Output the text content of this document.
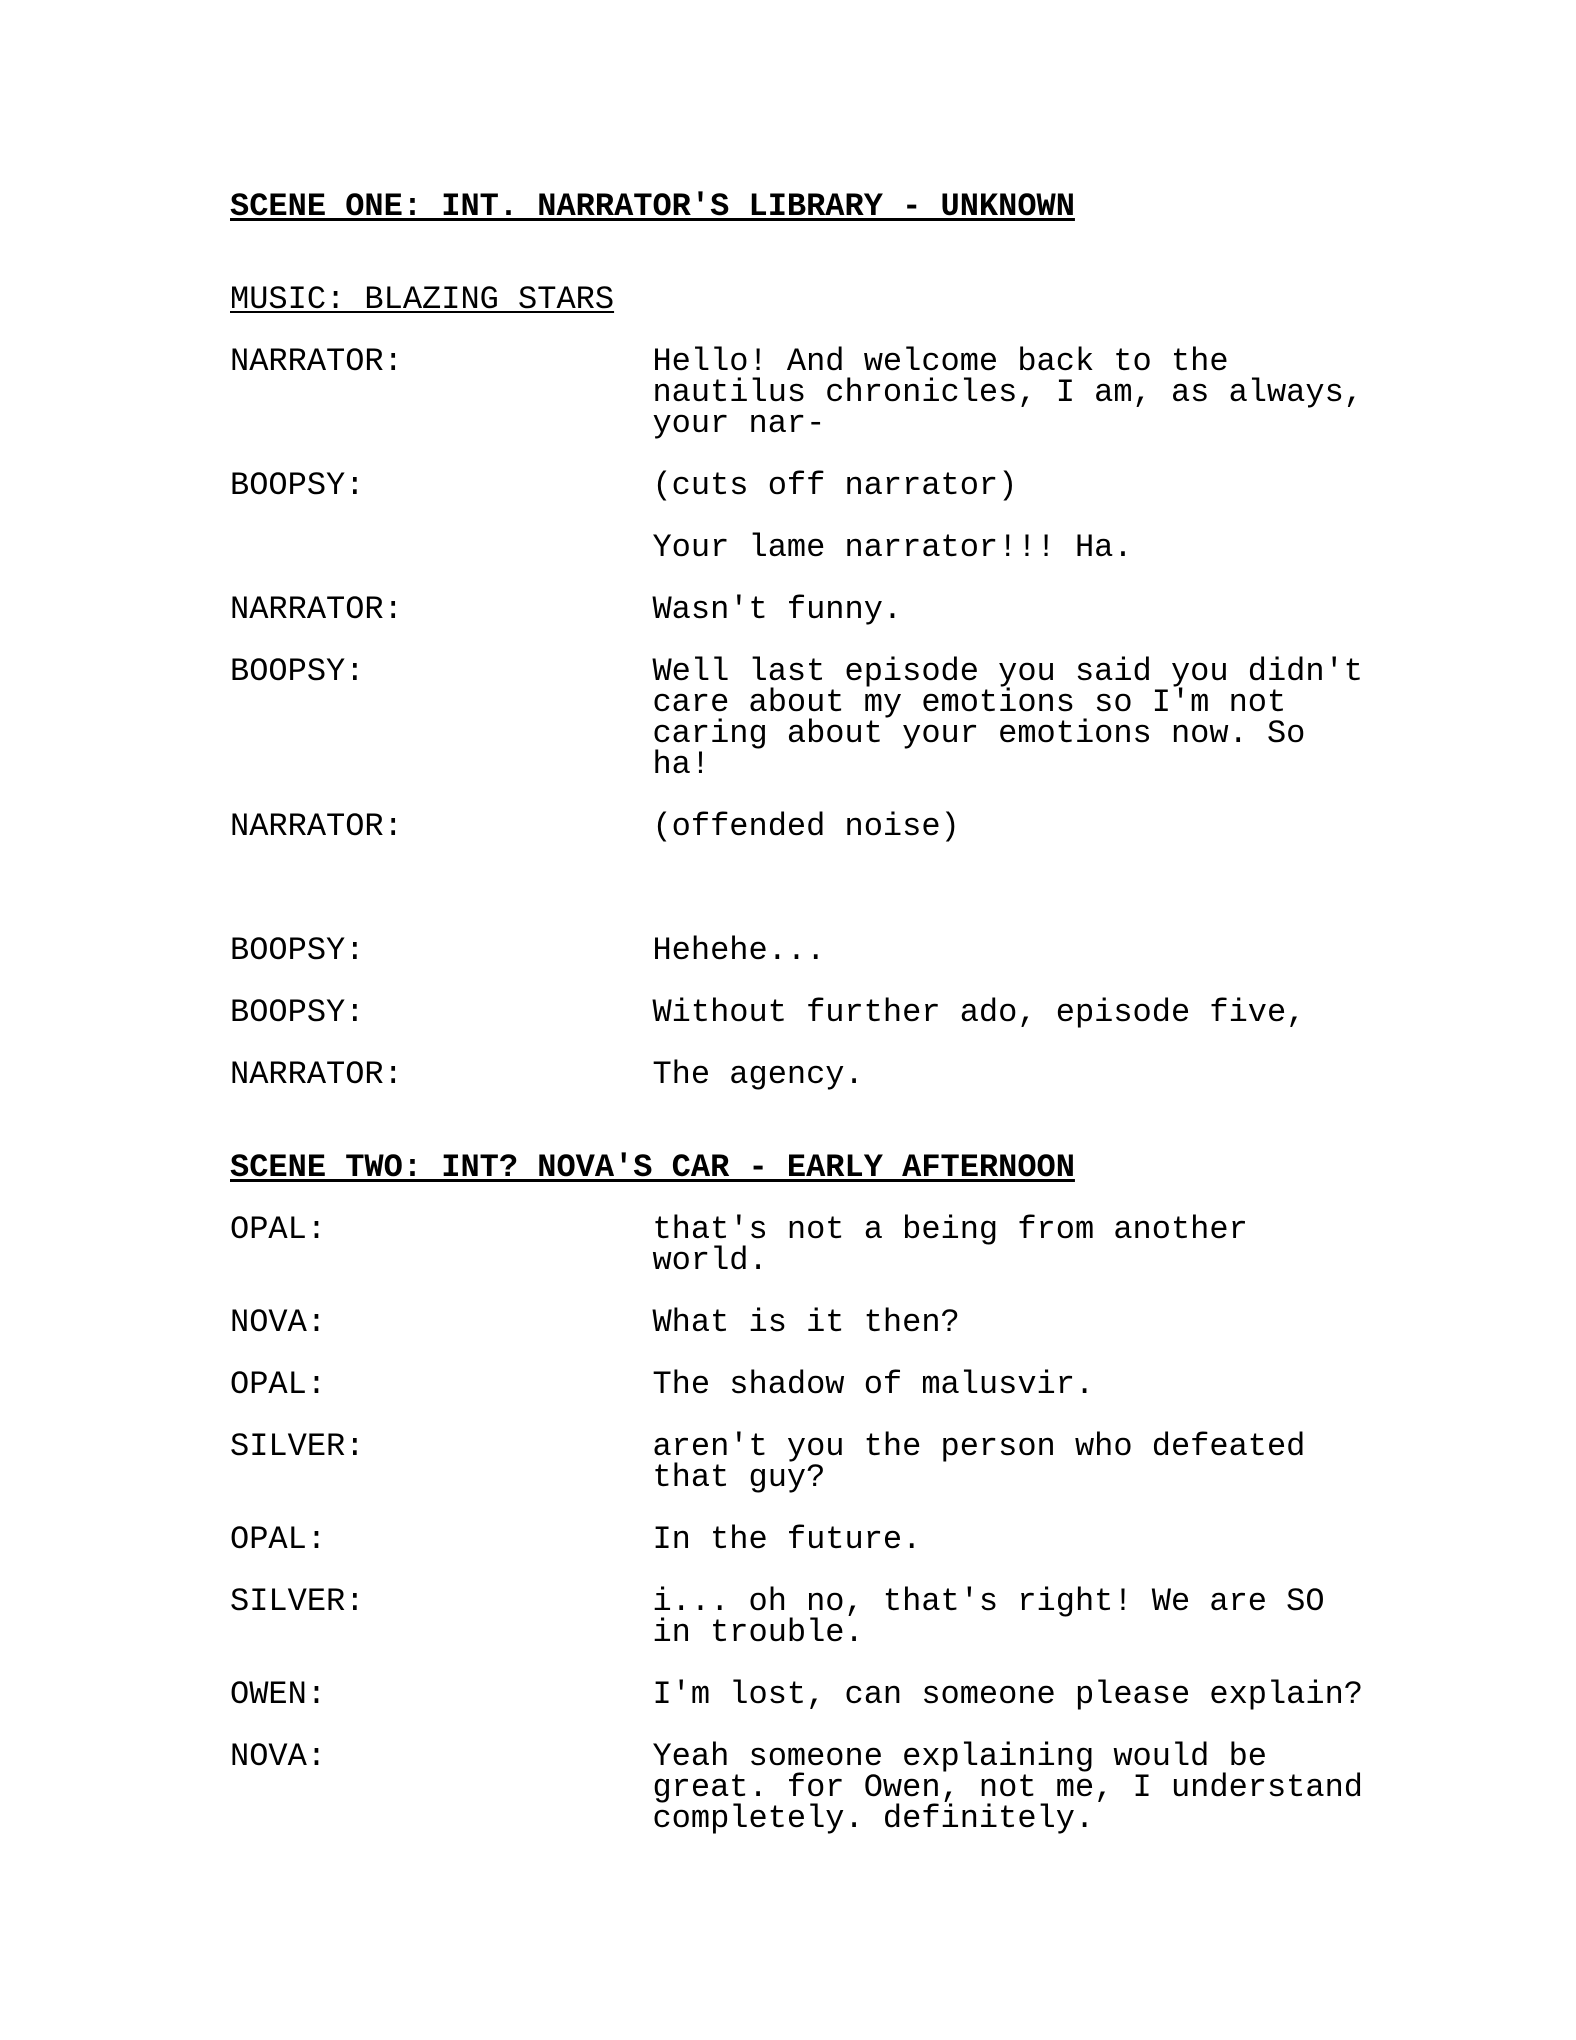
SCENE ONE: INT. NARRATOR'S LIBRARY - UNKNOWN
MUSIC: BLAZING STARS
NARRATOR:	Hello! And welcome back to the nautilus chronicles, I am, as always, your nar-
BOOPSY:	(cuts off narrator)
Your lame narrator!!! Ha.
NARRATOR:	Wasn't funny.
BOOPSY:	Well last episode you said you didn't care about my emotions so I'm not caring about your emotions now. So ha!
NARRATOR:	(offended noise)
BOOPSY:	Hehehe...
BOOPSY:	Without further ado, episode five,
NARRATOR:	The agency.
SCENE TWO: INT? NOVA'S CAR - EARLY AFTERNOON
OPAL:	that's not a being from another world.
NOVA:	What is it then?
OPAL:	The shadow of malusvir.
SILVER:	aren't you the person who defeated that guy?
OPAL:	In the future.
SILVER:	i... oh no, that's right! We are SO in trouble.
OWEN:	I'm lost, can someone please explain?
NOVA:	Yeah someone explaining would be great. for Owen, not me, I understand completely. definitely.
